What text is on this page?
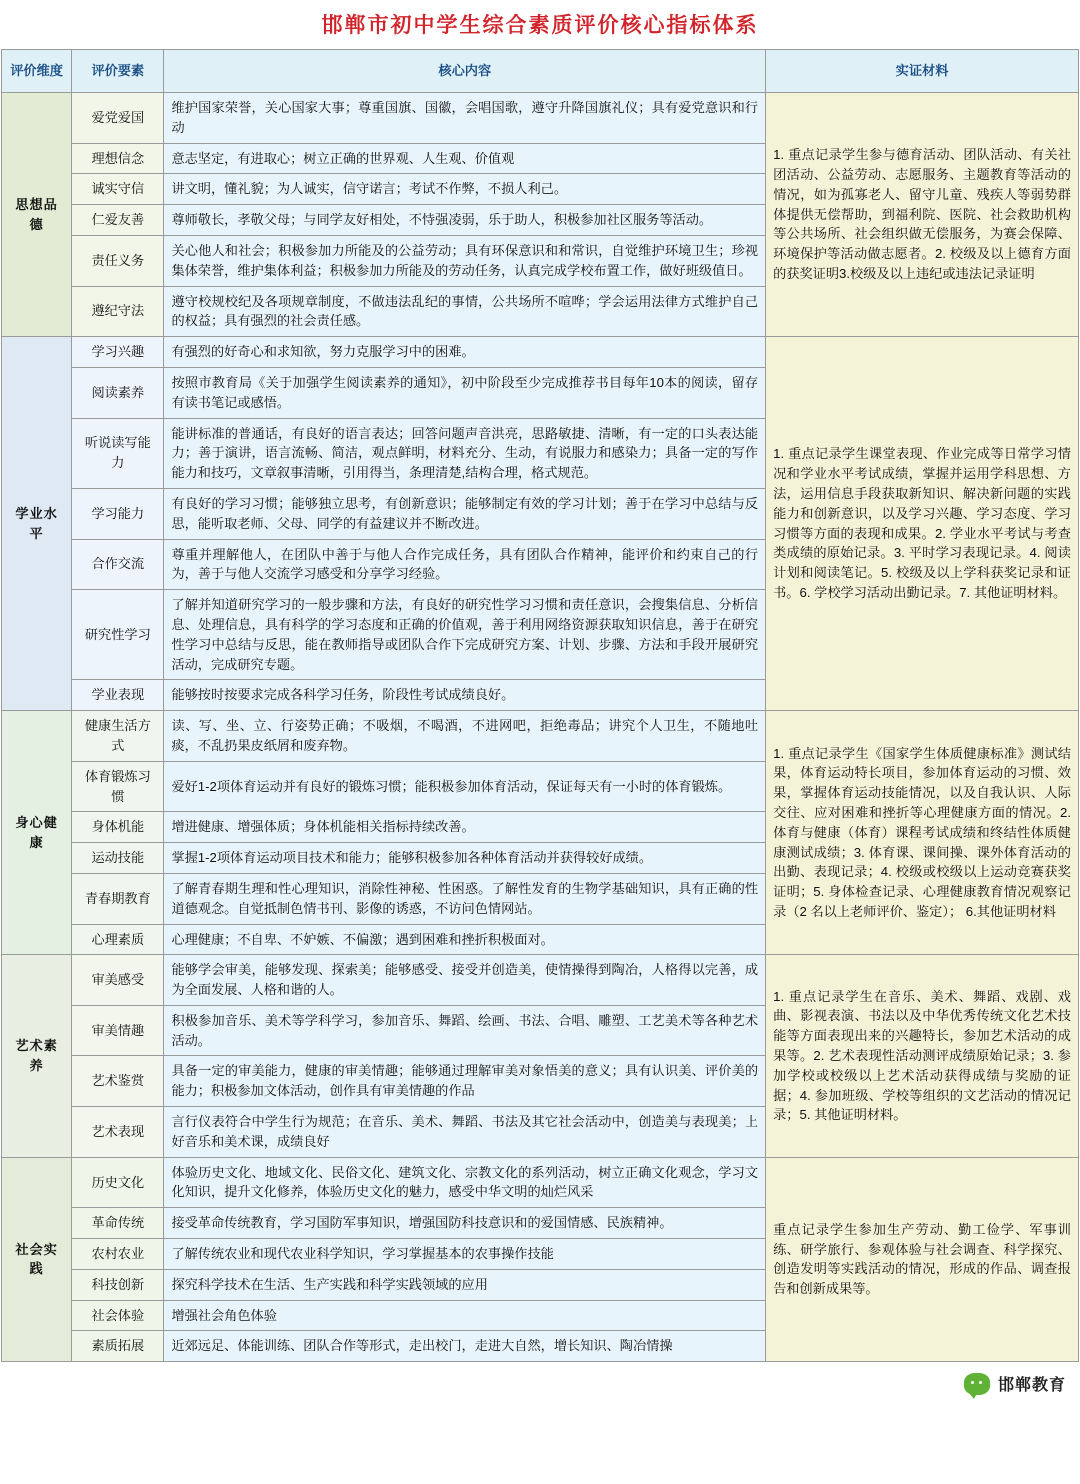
邯郸市初中学生综合素质评价核心指标体系
评价维度	评价要素	核心内容	实证材料
思想品德	爱党爱国	维护国家荣誉，关心国家大事；尊重国旗、国徽，会唱国歌，遵守升降国旗礼仪；具有爱党意识和行动	1. 重点记录学生参与德育活动、团队活动、有关社团活动、公益劳动、志愿服务、主题教育等活动的情况，如为孤寡老人、留守儿童、残疾人等弱势群体提供无偿帮助，到福利院、医院、社会救助机构等公共场所、社会组织做无偿服务，为赛会保障、环境保护等活动做志愿者。2. 校级及以上德育方面的获奖证明3.校级及以上违纪或违法记录证明
	理想信念	意志坚定，有进取心；树立正确的世界观、人生观、价值观	
	诚实守信	讲文明，懂礼貌；为人诚实，信守诺言；考试不作弊，不损人利己。	
	仁爱友善	尊师敬长，孝敬父母；与同学友好相处，不恃强凌弱，乐于助人，积极参加社区服务等活动。	
	责任义务	关心他人和社会；积极参加力所能及的公益劳动；具有环保意识和和常识，自觉维护环境卫生；珍视集体荣誉，维护集体利益；积极参加力所能及的劳动任务，认真完成学校布置工作，做好班级值日。	
	遵纪守法	遵守校规校纪及各项规章制度，不做违法乱纪的事情，公共场所不喧哗；学会运用法律方式维护自己的权益；具有强烈的社会责任感。	
学业水平	学习兴趣	有强烈的好奇心和求知欲，努力克服学习中的困难。	1. 重点记录学生课堂表现、作业完成等日常学习情况和学业水平考试成绩，掌握并运用学科思想、方法，运用信息手段获取新知识、解决新问题的实践能力和创新意识，以及学习兴趣、学习态度、学习习惯等方面的表现和成果。2. 学业水平考试与考查类成绩的原始记录。3. 平时学习表现记录。4. 阅读计划和阅读笔记。5. 校级及以上学科获奖记录和证书。6. 学校学习活动出勤记录。7. 其他证明材料。
	阅读素养	按照市教育局《关于加强学生阅读素养的通知》，初中阶段至少完成推荐书目每年10本的阅读，留存有读书笔记或感悟。	
	听说读写能力	能讲标准的普通话，有良好的语言表达；回答问题声音洪亮，思路敏捷、清晰，有一定的口头表达能力；善于演讲，语言流畅、简洁，观点鲜明，材料充分、生动，有说服力和感染力；具备一定的写作能力和技巧，文章叙事清晰，引用得当，条理清楚,结构合理，格式规范。	
	学习能力	有良好的学习习惯；能够独立思考，有创新意识；能够制定有效的学习计划；善于在学习中总结与反思，能听取老师、父母、同学的有益建议并不断改进。	
	合作交流	尊重并理解他人，在团队中善于与他人合作完成任务，具有团队合作精神，能评价和约束自己的行为，善于与他人交流学习感受和分享学习经验。	
	研究性学习	了解并知道研究学习的一般步骤和方法，有良好的研究性学习习惯和责任意识，会搜集信息、分析信息、处理信息，具有科学的学习态度和正确的价值观，善于利用网络资源获取知识信息，善于在研究性学习中总结与反思，能在教师指导或团队合作下完成研究方案、计划、步骤、方法和手段开展研究活动，完成研究专题。	
	学业表现	能够按时按要求完成各科学习任务，阶段性考试成绩良好。	
身心健康	健康生活方式	读、写、坐、立、行姿势正确；不吸烟，不喝酒，不进网吧，拒绝毒品；讲究个人卫生，不随地吐痰，不乱扔果皮纸屑和废弃物。	1. 重点记录学生《国家学生体质健康标准》测试结果，体育运动特长项目，参加体育运动的习惯、效果，掌握体育运动技能情况，以及自我认识、人际交往、应对困难和挫折等心理健康方面的情况。2. 体育与健康（体育）课程考试成绩和终结性体质健康测试成绩；3. 体育课、课间操、课外体育活动的出勤、表现记录；4. 校级或校级以上运动竞赛获奖证明；5. 身体检查记录、心理健康教育情况观察记录（2 名以上老师评价、鉴定）； 6.其他证明材料
	体育锻炼习惯	爱好1-2项体育运动并有良好的锻炼习惯；能积极参加体育活动，保证每天有一小时的体育锻炼。	
	身体机能	增进健康、增强体质；身体机能相关指标持续改善。	
	运动技能	掌握1-2项体育运动项目技术和能力；能够积极参加各种体育活动并获得较好成绩。	
	青春期教育	了解青春期生理和性心理知识，消除性神秘、性困惑。了解性发育的生物学基础知识，具有正确的性道德观念。自觉抵制色情书刊、影像的诱惑，不访问色情网站。	
	心理素质	心理健康；不自卑、不妒嫉、不偏激；遇到困难和挫折积极面对。	
艺术素养	审美感受	能够学会审美，能够发现、探索美；能够感受、接受并创造美，使情操得到陶冶，人格得以完善，成为全面发展、人格和谐的人。	1. 重点记录学生在音乐、美术、舞蹈、戏剧、戏曲、影视表演、书法以及中华优秀传统文化艺术技能等方面表现出来的兴趣特长，参加艺术活动的成果等。2. 艺术表现性活动测评成绩原始记录；3. 参加学校或校级以上艺术活动获得成绩与奖励的证据；4. 参加班级、学校等组织的文艺活动的情况记录；5. 其他证明材料。
	审美情趣	积极参加音乐、美术等学科学习，参加音乐、舞蹈、绘画、书法、合唱、雕塑、工艺美术等各种艺术活动。	
	艺术鉴赏	具备一定的审美能力，健康的审美情趣；能够通过理解审美对象悟美的意义；具有认识美、评价美的能力；积极参加文体活动，创作具有审美情趣的作品	
	艺术表现	言行仪表符合中学生行为规范；在音乐、美术、舞蹈、书法及其它社会活动中，创造美与表现美；上好音乐和美术课，成绩良好	
社会实践	历史文化	体验历史文化、地域文化、民俗文化、建筑文化、宗教文化的系列活动，树立正确文化观念，学习文化知识，提升文化修养，体验历史文化的魅力，感受中华文明的灿烂风采	重点记录学生参加生产劳动、勤工俭学、军事训练、研学旅行、参观体验与社会调查、科学探究、创造发明等实践活动的情况，形成的作品、调查报告和创新成果等。
	革命传统	接受革命传统教育，学习国防军事知识，增强国防科技意识和的爱国情感、民族精神。	
	农村农业	了解传统农业和现代农业科学知识，学习掌握基本的农事操作技能	
	科技创新	探究科学技术在生活、生产实践和科学实践领域的应用	
	社会体验	增强社会角色体验	
	素质拓展	近郊远足、体能训练、团队合作等形式，走出校门，走进大自然，增长知识、陶冶情操	
邯郸教育
